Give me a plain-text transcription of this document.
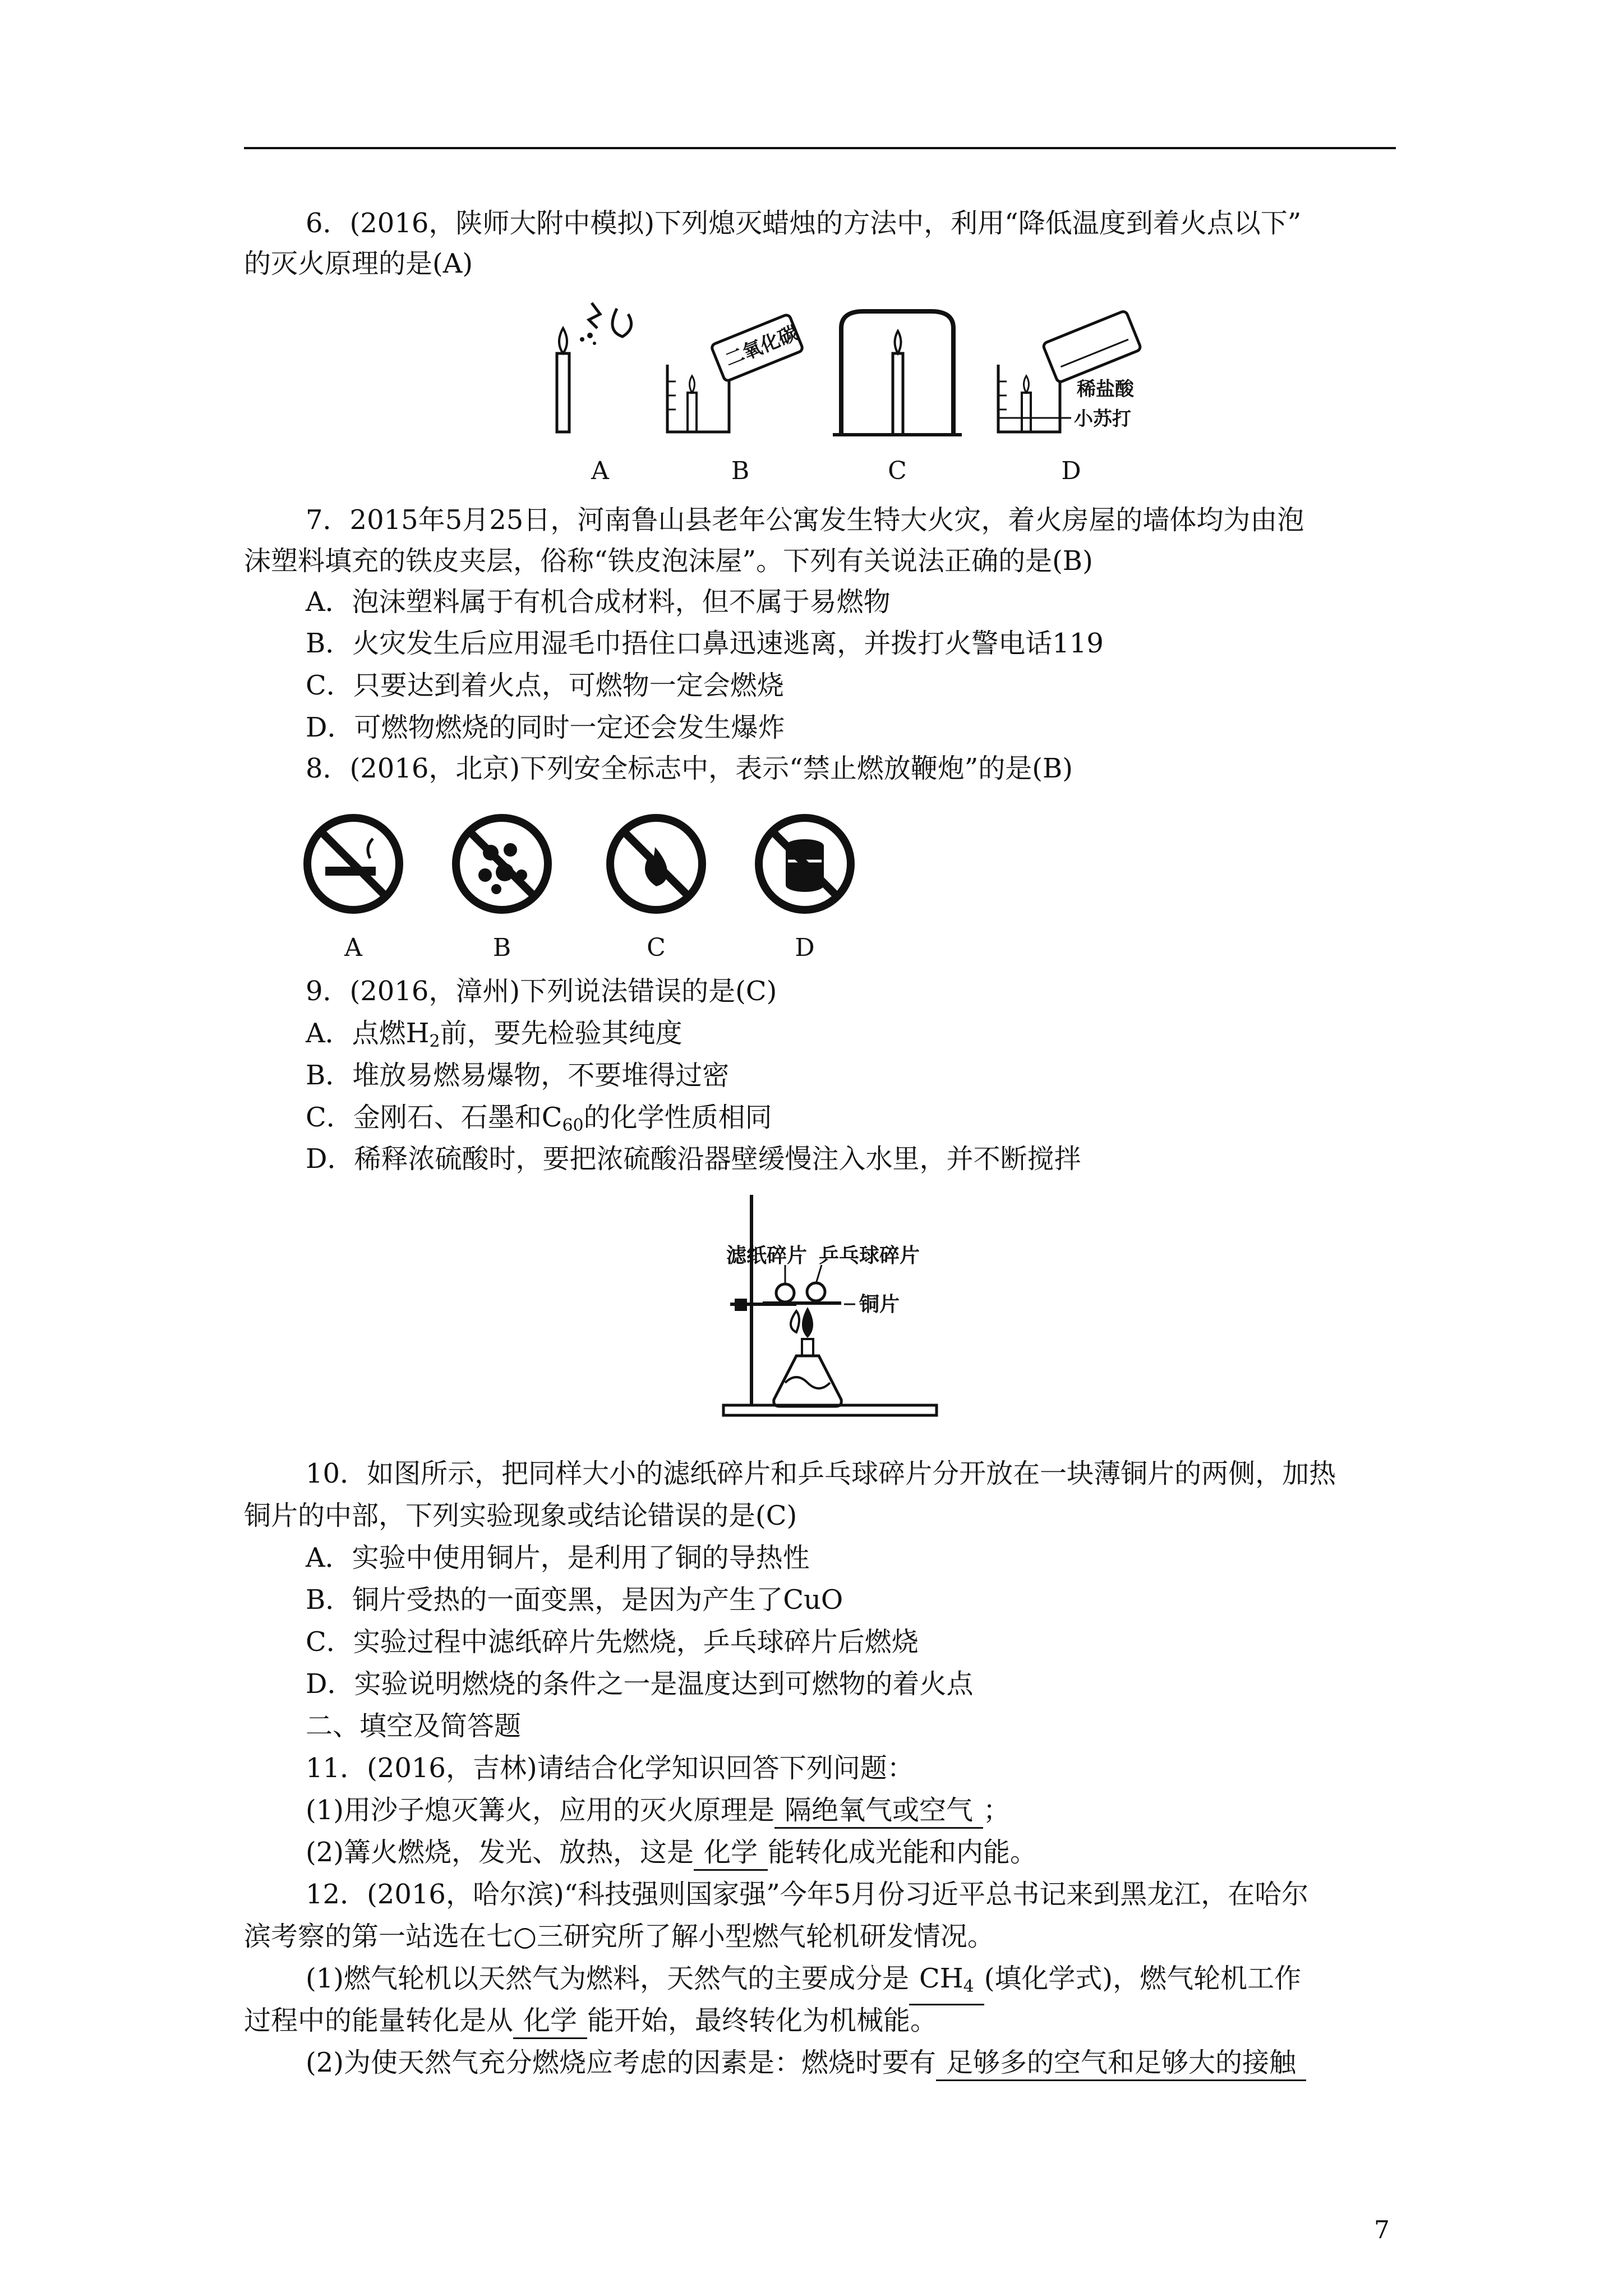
6．(2016，陕师大附中模拟)下列熄灭蜡烛的方法中，利用“降低温度到着火点以下”
的灭火原理的是(A)
A
二氧化碳
B	C
稀盐酸
小苏打
D
7．2015年5月25日，河南鲁山县老年公寓发生特大火灾，着火房屋的墙体均为由泡
沫塑料填充的铁皮夹层，俗称“铁皮泡沫屋”。下列有关说法正确的是(B)
A．泡沫塑料属于有机合成材料，但不属于易燃物
B．火灾发生后应用湿毛巾捂住口鼻迅速逃离，并拨打火警电话119
C．只要达到着火点，可燃物一定会燃烧
D．可燃物燃烧的同时一定还会发生爆炸
8．(2016，北京)下列安全标志中，表示“禁止燃放鞭炮”的是(B)
A	B	C	D
9．(2016，漳州)下列说法错误的是(C)
A．点燃$H_2$前，要先检验其纯度
B．堆放易燃易爆物，不要堆得过密
C．金刚石、石墨和$C_{60}$的化学性质相同
D．稀释浓硫酸时，要把浓硫酸沿器壁缓慢注入水里，并不断搅拌
滤纸碎片 乒乓球碎片
铜片
10．如图所示，把同样大小的滤纸碎片和乒乓球碎片分开放在一块薄铜片的两侧，加热
铜片的中部，下列实验现象或结论错误的是(C)
A．实验中使用铜片，是利用了铜的导热性
B．铜片受热的一面变黑，是因为产生了CuO
C．实验过程中滤纸碎片先燃烧，乒乓球碎片后燃烧
D．实验说明燃烧的条件之一是温度达到可燃物的着火点
二、填空及简答题
11．(2016，吉林)请结合化学知识回答下列问题：
(1)用沙子熄灭篝火，应用的灭火原理是 隔绝氧气或空气 ；
(2)篝火燃烧，发光、放热，这是 化学 能转化成光能和内能。
12．(2016，哈尔滨)“科技强则国家强”今年5月份习近平总书记来到黑龙江，在哈尔
滨考察的第一站选在七○三研究所了解小型燃气轮机研发情况。
(1)燃气轮机以天然气为燃料，天然气的主要成分是 $CH_4$ (填化学式)，燃气轮机工作
过程中的能量转化是从 化学 能开始，最终转化为机械能。
(2)为使天然气充分燃烧应考虑的因素是：燃烧时要有 足够多的空气和足够大的接触
7
